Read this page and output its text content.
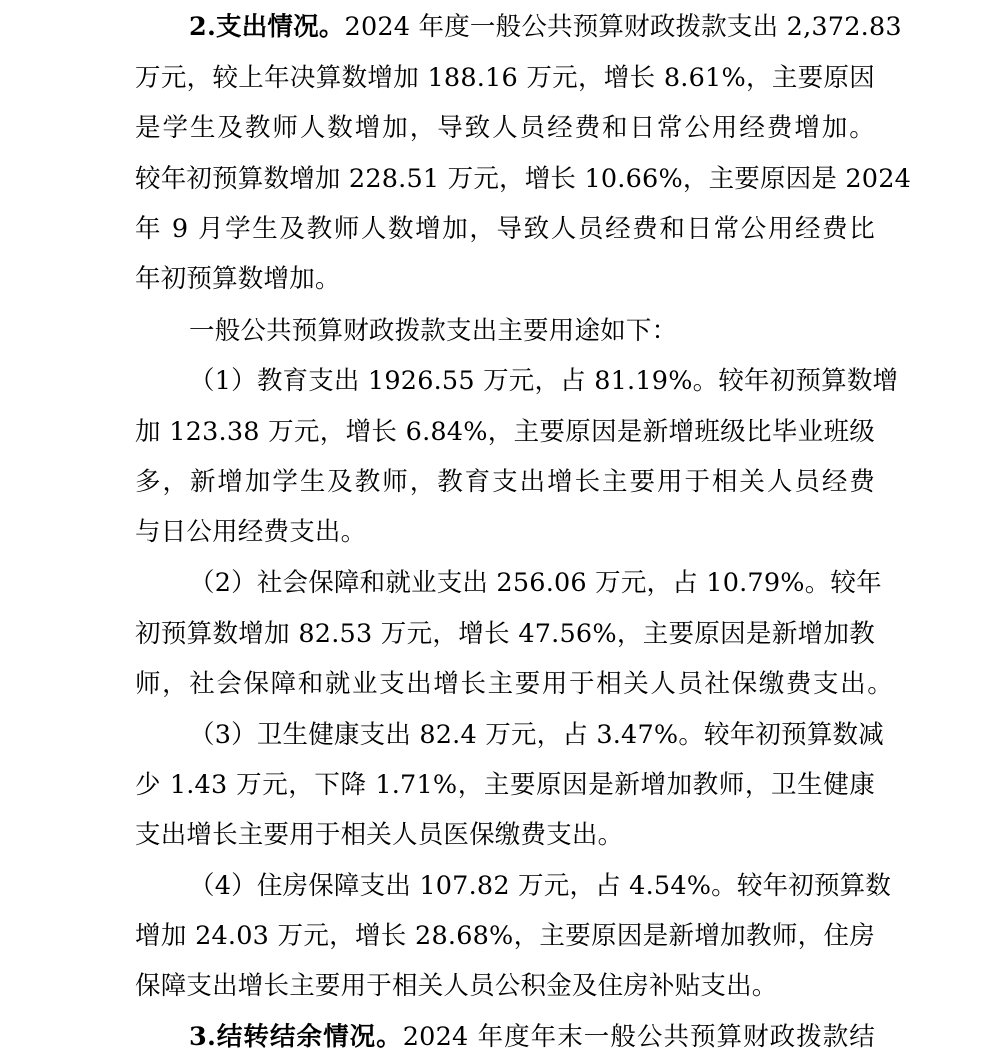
2.支出情况。2024 年度一般公共预算财政拨款支出 2,372.83
万元，较上年决算数增加 188.16 万元，增长 8.61%，主要原因
是学生及教师人数增加，导致人员经费和日常公用经费增加。
较年初预算数增加 228.51 万元，增长 10.66%，主要原因是 2024
年 9 月学生及教师人数增加，导致人员经费和日常公用经费比
年初预算数增加。
一般公共预算财政拨款支出主要用途如下：
（1）教育支出 1926.55 万元，占 81.19%。较年初预算数增
加 123.38 万元，增长 6.84%，主要原因是新增班级比毕业班级
多，新增加学生及教师，教育支出增长主要用于相关人员经费
与日公用经费支出。
（2）社会保障和就业支出 256.06 万元，占 10.79%。较年
初预算数增加 82.53 万元，增长 47.56%，主要原因是新增加教
师，社会保障和就业支出增长主要用于相关人员社保缴费支出。
（3）卫生健康支出 82.4 万元，占 3.47%。较年初预算数减
少 1.43 万元，下降 1.71%，主要原因是新增加教师，卫生健康
支出增长主要用于相关人员医保缴费支出。
（4）住房保障支出 107.82 万元，占 4.54%。较年初预算数
增加 24.03 万元，增长 28.68%，主要原因是新增加教师，住房
保障支出增长主要用于相关人员公积金及住房补贴支出。
3.结转结余情况。2024 年度年末一般公共预算财政拨款结
